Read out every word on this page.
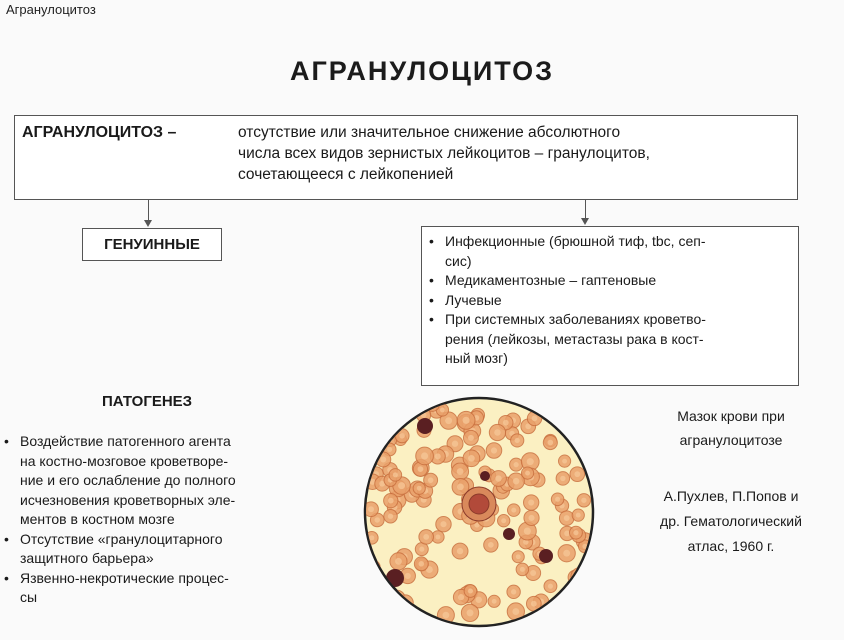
Агранулоцитоз
АГРАНУЛОЦИТОЗ
АГРАНУЛОЦИТОЗ –	отсутствие или значительное снижение абсолютного
числа всех видов зернистых лейкоцитов – гранулоцитов,
сочетающееся с лейкопенией
ГЕНУИННЫЕ	• Инфекционные (брюшной тиф, tbc, сеп-
сис)
• Медикаментозные – гаптеновые
• Лучевые
• При системных заболеваниях кроветво-
рения (лейкозы, метастазы рака в кост-
ный мозг)
ПАТОГЕНЕЗ
• Воздействие патогенного агента
на костно-мозговое кроветворе-
ние и его ослабление до полного
исчезновения кроветворных эле-
ментов в костном мозге
• Отсутствие «гранулоцитарного
защитного барьера»
• Язвенно-некротические процес-
сы
Мазок крови при
агранулоцитозе
А.Пухлев, П.Попов и
др. Гематологический
атлас, 1960 г.
